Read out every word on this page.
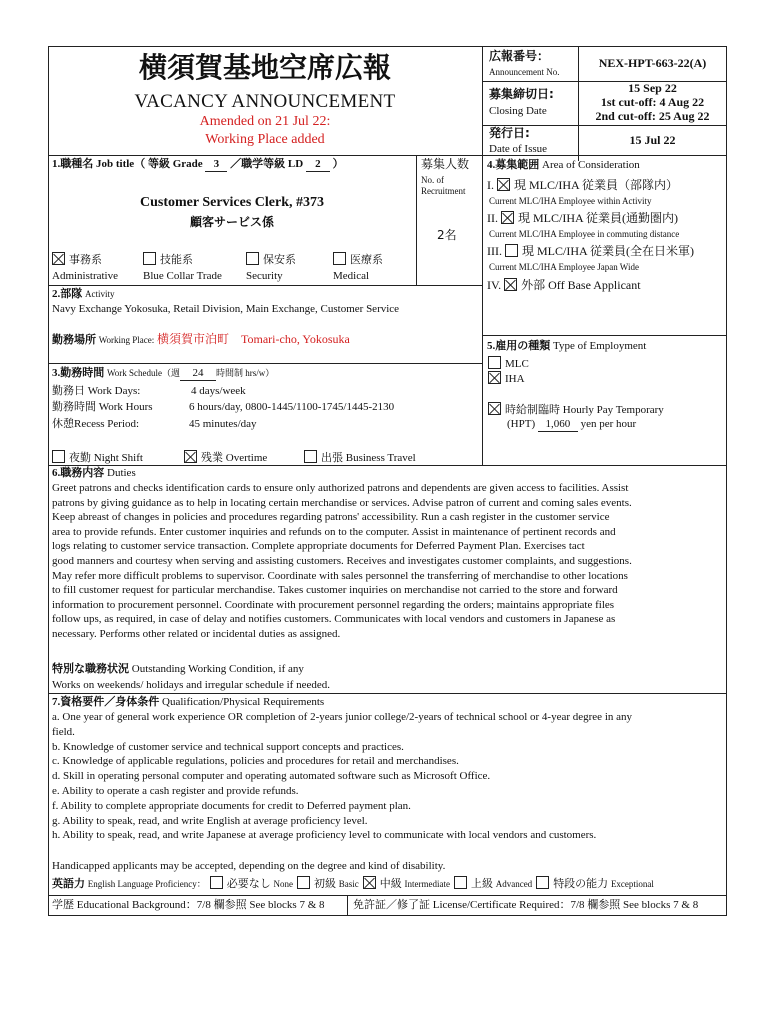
横須賀基地空席広報
VACANCY ANNOUNCEMENT
Amended on 21 Jul 22:
Working Place added
広報番号：
Announcement No.
NEX-HPT-663-22(A)
募集締切日:
Closing Date
15 Sep 22
1st cut-off: 4 Aug 22
2nd cut-off: 25 Aug 22
発行日:
Date of Issue
15 Jul 22
1.職種名 Job title（ 等級 Grade 3 ／職学等級 LD 2 ）
Customer Services Clerk, #373
顧客サービス係
募集人数
No. of
Recruitment
2名
4.募集範囲 Area of Consideration
2.部隊 Activity
Navy Exchange Yokosuka, Retail Division, Main Exchange, Customer Service
勤務場所 Working Place: 横須賀市泊町　Tomari-cho, Yokosuka	5.雇用の種類 Type of Employment
MLC
IHA
時給制臨時 Hourly Pay Temporary
(HPT) 1,060 yen per hour
3.勤務時間 Work Schedule（週 24 時間制 hrs/w）
勤務日 Work Days:	4 days/week
勤務時間 Work Hours	6 hours/day, 0800-1445/1100-1745/1445-2130
休憩Recess Period:	45 minutes/day
6.職務内容 Duties
特別な職務状況 Outstanding Working Condition, if any
Works on weekends/ holidays and irregular schedule if needed.
7.資格要件／身体条件 Qualification/Physical Requirements
Handicapped applicants may be accepted, depending on the degree and kind of disability.
英語力 English Language Proficiency： 必要なし None 初級 Basic 中級 Intermediate 上級 Advanced 特段の能力 Exceptional
学歴 Educational Background：7/8 欄参照 See blocks 7 & 8	免許証／修了証 License/Certificate Required：7/8 欄参照 See blocks 7 & 8
事務系
Administrative
技能系
Blue Collar Trade
保安系
Security
医療系
Medical
I. 現 MLC/IHA 従業員（部隊内）
Current MLC/IHA Employee within Activity
II. 現 MLC/IHA 従業員(通勤圏内)
Current MLC/IHA Employee in commuting distance
III. 現 MLC/IHA 従業員(全在日米軍)
Current MLC/IHA Employee Japan Wide
IV. 外部 Off Base Applicant
夜勤 Night Shift	残業 Overtime	出張 Business Travel
Greet patrons and checks identification cards to ensure only authorized patrons and dependents are given access to facilities. Assist
patrons by giving guidance as to help in locating certain merchandise or services. Advise patron of current and coming sales events.
Keep abreast of changes in policies and procedures regarding patrons' accessibility. Run a cash register in the customer service
area to provide refunds. Enter customer inquiries and refunds on to the computer. Assist in maintenance of pertinent records and
logs relating to customer service transaction. Complete appropriate documents for Deferred Payment Plan. Exercises tact
good manners and courtesy when serving and assisting customers. Receives and investigates customer complaints, and suggestions.
May refer more difficult problems to supervisor. Coordinate with sales personnel the transferring of merchandise to other locations
to fill customer request for particular merchandise. Takes customer inquiries on merchandise not carried to the store and forward
information to procurement personnel. Coordinate with procurement personnel regarding the orders; maintains appropriate files
follow ups, as required, in case of delay and notifies customers. Communicates with local vendors and customers in Japanese as
necessary. Performs other related or incidental duties as assigned.
a. One year of general work experience OR completion of 2-years junior college/2-years of technical school or 4-year degree in any
field.
b. Knowledge of customer service and technical support concepts and practices.
c. Knowledge of applicable regulations, policies and procedures for retail and merchandises.
d. Skill in operating personal computer and operating automated software such as Microsoft Office.
e. Ability to operate a cash register and provide refunds.
f. Ability to complete appropriate documents for credit to Deferred payment plan.
g. Ability to speak, read, and write English at average proficiency level.
h. Ability to speak, read, and write Japanese at average proficiency level to communicate with local vendors and customers.
